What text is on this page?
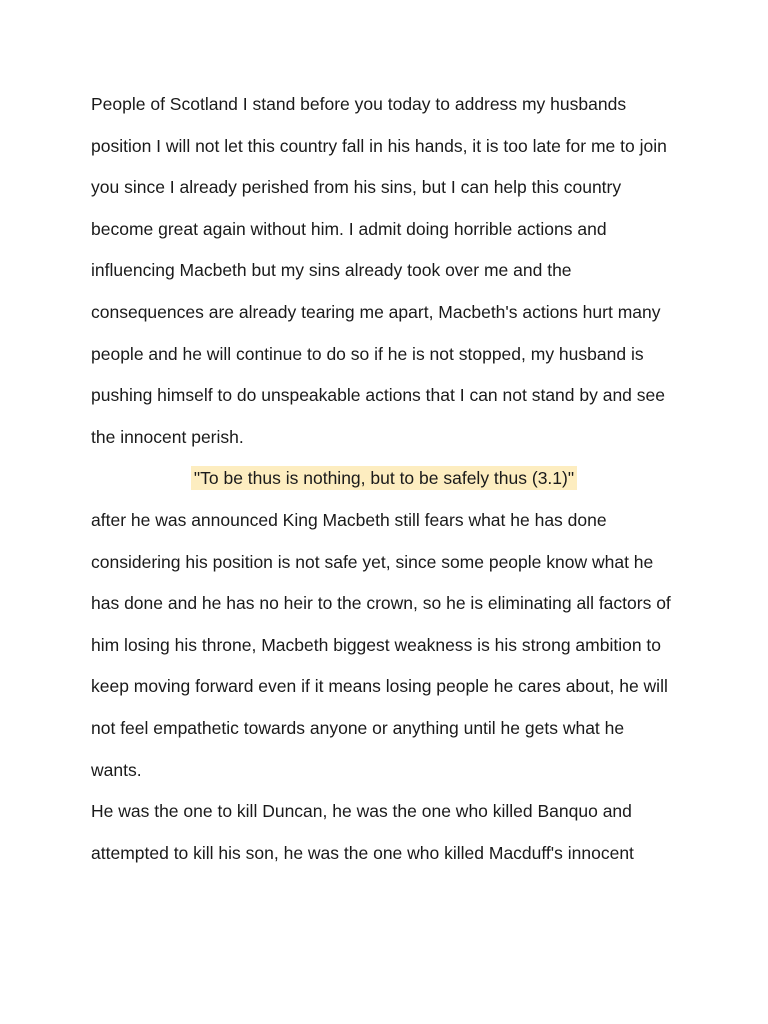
People of Scotland I stand before you today to address my husbands
position I will not let this country fall in his hands, it is too late for me to join
you since I already perished from his sins, but I can help this country
become great again without him. I admit doing horrible actions and
influencing Macbeth but my sins already took over me and the
consequences are already tearing me apart, Macbeth's actions hurt many
people and he will continue to do so if he is not stopped, my husband is
pushing himself to do unspeakable actions that I can not stand by and see
the innocent perish.
"To be thus is nothing, but to be safely thus (3.1)"
after he was announced King Macbeth still fears what he has done
considering his position is not safe yet, since some people know what he
has done and he has no heir to the crown, so he is eliminating all factors of
him losing his throne, Macbeth biggest weakness is his strong ambition to
keep moving forward even if it means losing people he cares about, he will
not feel empathetic towards anyone or anything until he gets what he
wants.
He was the one to kill Duncan, he was the one who killed Banquo and
attempted to kill his son, he was the one who killed Macduff's innocent
